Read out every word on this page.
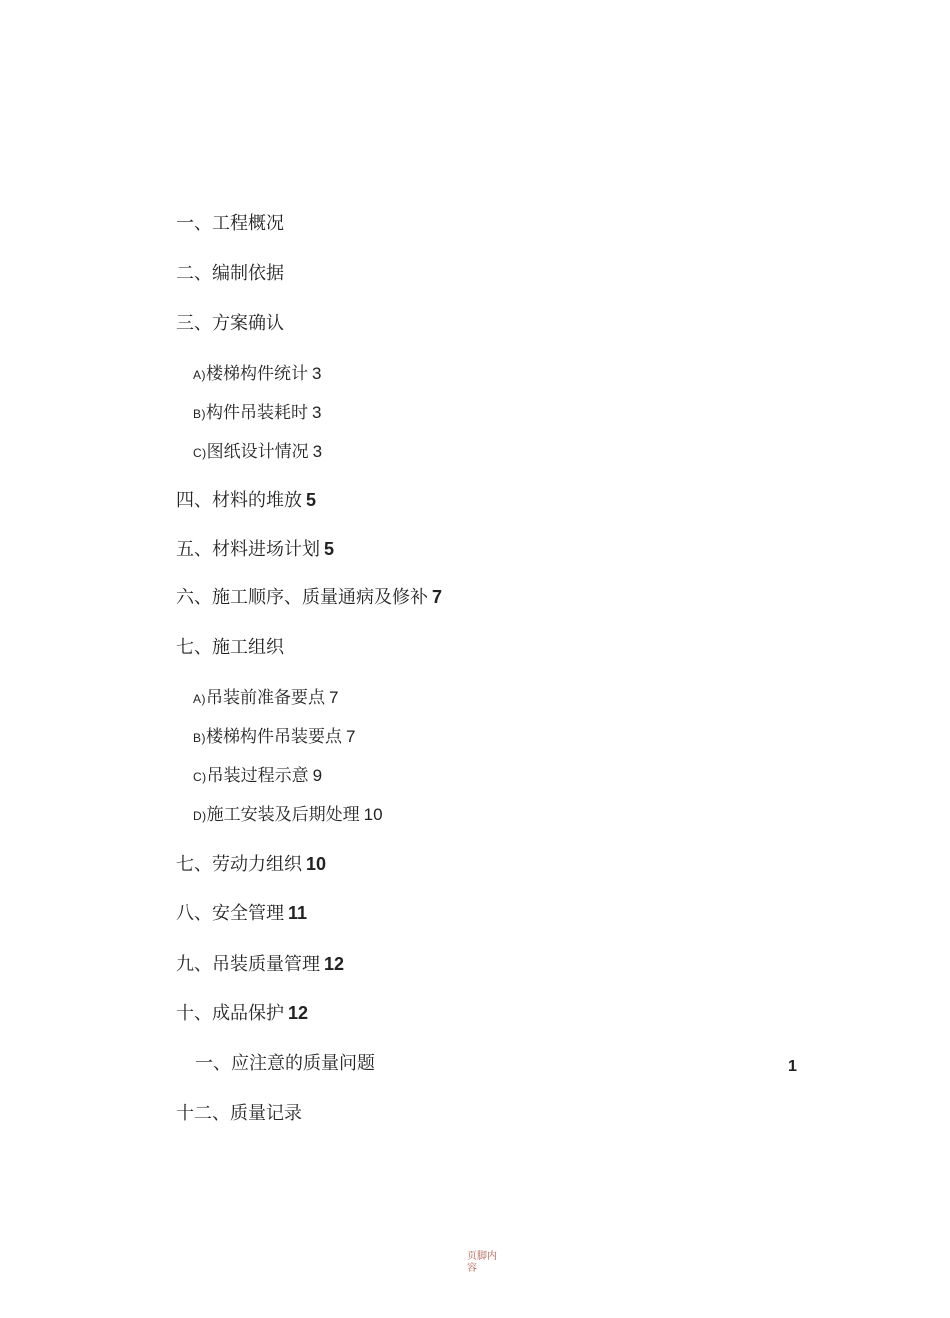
一、工程概况
二、编制依据
三、方案确认
A)楼梯构件统计 3
B)构件吊装耗时 3
C)图纸设计情况 3
四、材料的堆放 5
五、材料进场计划 5
六、施工顺序、质量通病及修补 7
七、施工组织
A)吊装前准备要点 7
B)楼梯构件吊装要点 7
C)吊装过程示意 9
D)施工安装及后期处理 10
七、劳动力组织 10
八、安全管理 11
九、吊装质量管理 12
十、成品保护 12
一、应注意的质量问题
十二、质量记录
1
页脚内容
